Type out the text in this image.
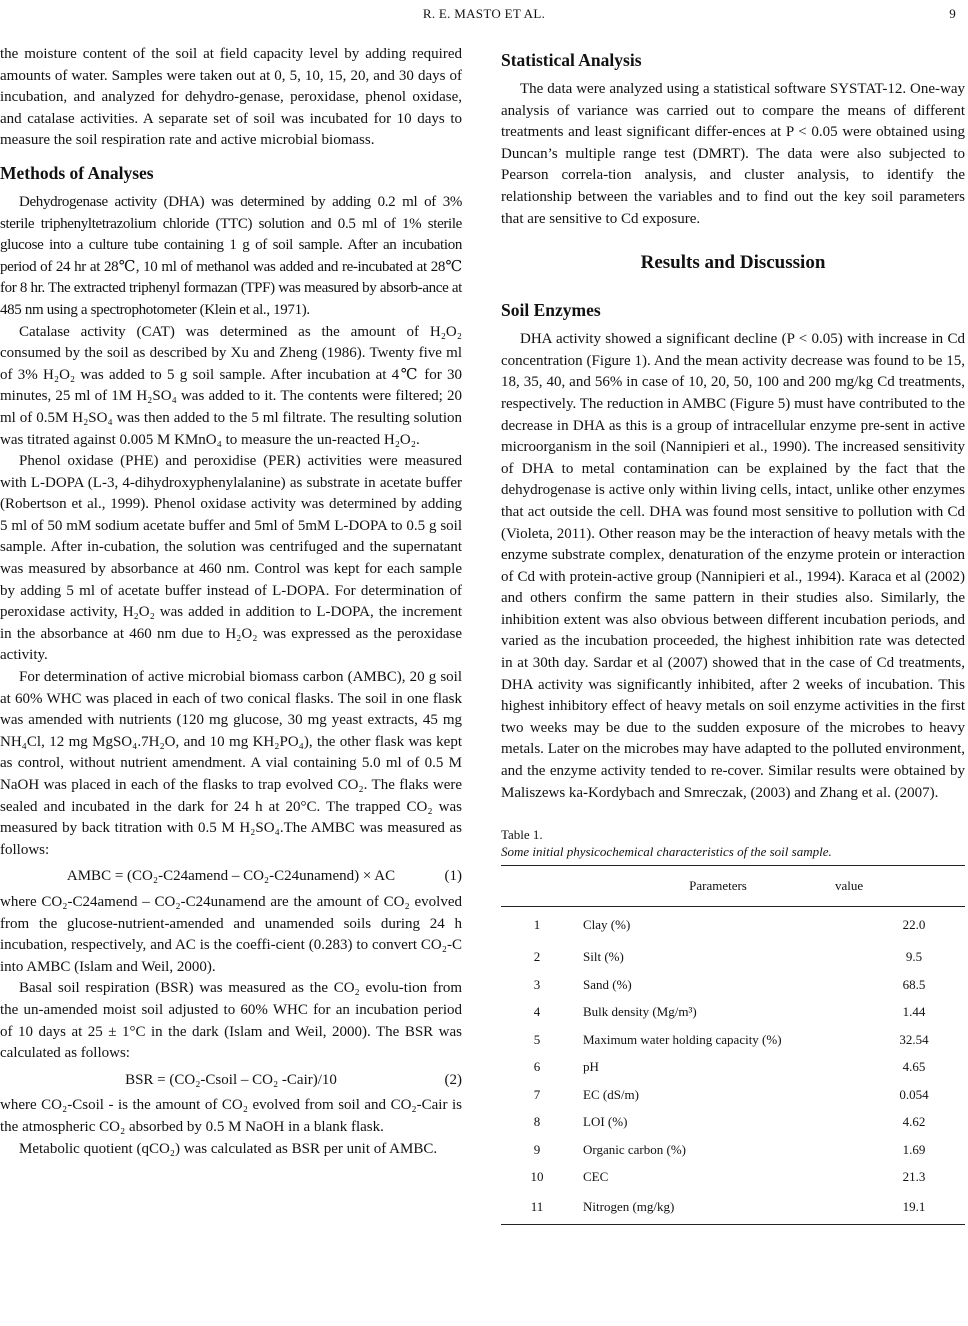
R. E. MASTO ET AL.	9

the moisture content of the soil at field capacity level by adding required amounts of water. Samples were taken out at 0, 5, 10, 15, 20, and 30 days of incubation, and analyzed for dehydro-genase, peroxidase, phenol oxidase, and catalase activities. A separate set of soil was incubated for 10 days to measure the soil respiration rate and active microbial biomass.

Methods of Analyses

Dehydrogenase activity (DHA) was determined by adding 0.2 ml of 3% sterile triphenyltetrazolium chloride (TTC) solution and 0.5 ml of 1% sterile glucose into a culture tube containing 1 g of soil sample. After an incubation period of 24 hr at 28℃, 10 ml of methanol was added and re-incubated at 28℃ for 8 hr. The extracted triphenyl formazan (TPF) was measured by absorb-ance at 485 nm using a spectrophotometer (Klein et al., 1971).

Catalase activity (CAT) was determined as the amount of H₂O₂ consumed by the soil as described by Xu and Zheng (1986). Twenty five ml of 3% H₂O₂ was added to 5 g soil sample. After incubation at 4℃ for 30 minutes, 25 ml of 1M H₂SO₄ was added to it. The contents were filtered; 20 ml of 0.5M H₂SO₄ was then added to the 5 ml filtrate. The resulting solution was titrated against 0.005 M KMnO₄ to measure the un-reacted H₂O₂.

Phenol oxidase (PHE) and peroxidise (PER) activities were measured with L-DOPA (L-3, 4-dihydroxyphenylalanine) as substrate in acetate buffer (Robertson et al., 1999). Phenol oxidase activity was determined by adding 5 ml of 50 mM sodium acetate buffer and 5ml of 5mM L-DOPA to 0.5 g soil sample. After in-cubation, the solution was centrifuged and the supernatant was measured by absorbance at 460 nm. Control was kept for each sample by adding 5 ml of acetate buffer instead of L-DOPA. For determination of peroxidase activity, H₂O₂ was added in addition to L-DOPA, the increment in the absorbance at 460 nm due to H₂O₂ was expressed as the peroxidase activity.

For determination of active microbial biomass carbon (AMBC), 20 g soil at 60% WHC was placed in each of two conical flasks. The soil in one flask was amended with nutrients (120 mg glucose, 30 mg yeast extracts, 45 mg NH₄Cl, 12 mg MgSO₄.7H₂O, and 10 mg KH₂PO₄), the other flask was kept as control, without nutrient amendment. A vial containing 5.0 ml of 0.5 M NaOH was placed in each of the flasks to trap evolved CO₂. The flaks were sealed and incubated in the dark for 24 h at 20°C. The trapped CO₂ was measured by back titration with 0.5 M H₂SO₄.The AMBC was measured as follows:

AMBC = (CO₂-C24amend – CO₂-C24unamend) × AC	(1)

where CO₂-C24amend – CO₂-C24unamend are the amount of CO₂ evolved from the glucose-nutrient-amended and unamended soils during 24 h incubation, respectively, and AC is the coeffi-cient (0.283) to convert CO₂-C into AMBC (Islam and Weil, 2000).

Basal soil respiration (BSR) was measured as the CO₂ evolu-tion from the un-amended moist soil adjusted to 60% WHC for an incubation period of 10 days at 25 ± 1°C in the dark (Islam and Weil, 2000). The BSR was calculated as follows:

BSR = (CO₂-Csoil – CO₂ -Cair)/10	(2)

where CO₂-Csoil - is the amount of CO₂ evolved from soil and CO₂-Cair is the atmospheric CO₂ absorbed by 0.5 M NaOH in a blank flask.

Metabolic quotient (qCO₂) was calculated as BSR per unit of AMBC.

Statistical Analysis

The data were analyzed using a statistical software SYSTAT-12. One-way analysis of variance was carried out to compare the means of different treatments and least significant differ-ences at P < 0.05 were obtained using Duncan’s multiple range test (DMRT). The data were also subjected to Pearson correla-tion analysis, and cluster analysis, to identify the relationship between the variables and to find out the key soil parameters that are sensitive to Cd exposure.

Results and Discussion
Soil Enzymes

DHA activity showed a significant decline (P < 0.05) with increase in Cd concentration (Figure 1). And the mean activity decrease was found to be 15, 18, 35, 40, and 56% in case of 10, 20, 50, 100 and 200 mg/kg Cd treatments, respectively. The reduction in AMBC (Figure 5) must have contributed to the decrease in DHA as this is a group of intracellular enzyme pre-sent in active microorganism in the soil (Nannipieri et al., 1990). The increased sensitivity of DHA to metal contamination can be explained by the fact that the dehydrogenase is active only within living cells, intact, unlike other enzymes that act outside the cell. DHA was found most sensitive to pollution with Cd (Violeta, 2011). Other reason may be the interaction of heavy metals with the enzyme substrate complex, denaturation of the enzyme protein or interaction of Cd with protein-active group (Nannipieri et al., 1994). Karaca et al (2002) and others confirm the same pattern in their studies also. Similarly, the inhibition extent was also obvious between different incubation periods, and varied as the incubation proceeded, the highest inhibition rate was detected in at 30th day. Sardar et al (2007) showed that in the case of Cd treatments, DHA activity was significantly inhibited, after 2 weeks of incubation. This highest inhibitory effect of heavy metals on soil enzyme activities in the first two weeks may be due to the sudden exposure of the microbes to heavy metals. Later on the microbes may have adapted to the polluted environment, and the enzyme activity tended to re-cover. Similar results were obtained by Maliszews ka-Kordybach and Smreczak, (2003) and Zhang et al. (2007).

Table 1.
Some initial physicochemical characteristics of the soil sample.
	Parameters	value
1	Clay (%)	22.0
2	Silt (%)	9.5
3	Sand (%)	68.5
4	Bulk density (Mg/m³)	1.44
5	Maximum water holding capacity (%)	32.54
6	pH	4.65
7	EC (dS/m)	0.054
8	LOI (%)	4.62
9	Organic carbon (%)	1.69
10	CEC	21.3
11	Nitrogen (mg/kg)	19.1
